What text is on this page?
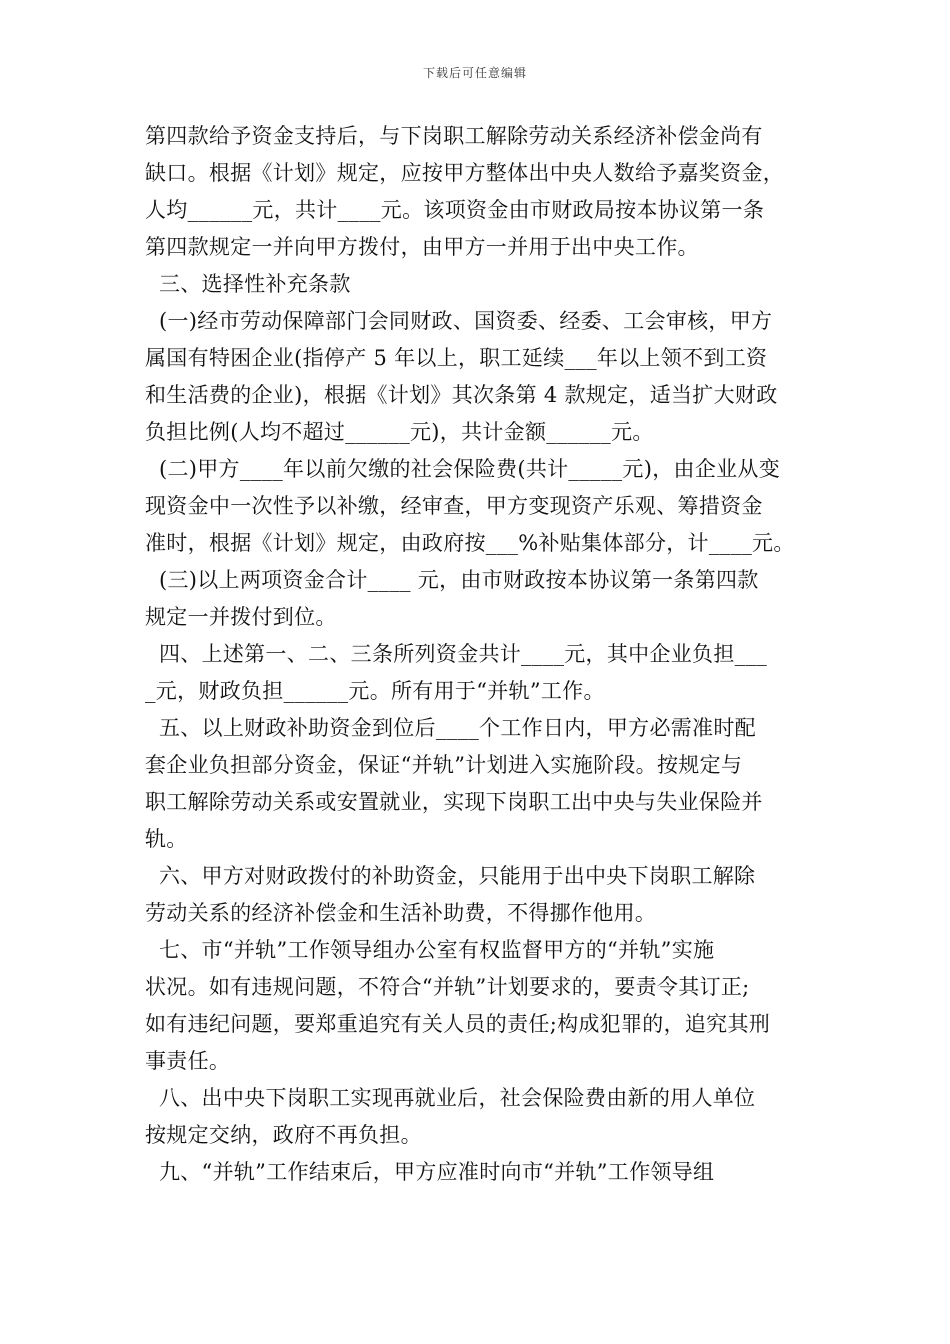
下载后可任意编辑
第四款给予资金支持后，与下岗职工解除劳动关系经济补偿金尚有
缺口。根据《计划》规定，应按甲方整体出中央人数给予嘉奖资金，
人均______元，共计____元。该项资金由市财政局按本协议第一条
第四款规定一并向甲方拨付，由甲方一并用于出中央工作。
三、选择性补充条款
(一)经市劳动保障部门会同财政、国资委、经委、工会审核，甲方
属国有特困企业(指停产 5 年以上，职工延续___年以上领不到工资
和生活费的企业)，根据《计划》其次条第 4 款规定，适当扩大财政
负担比例(人均不超过______元)，共计金额______元。
(二)甲方____年以前欠缴的社会保险费(共计_____元)，由企业从变
现资金中一次性予以补缴，经审查，甲方变现资产乐观、筹措资金
准时，根据《计划》规定，由政府按___%补贴集体部分，计____元。
(三)以上两项资金合计____ 元，由市财政按本协议第一条第四款
规定一并拨付到位。
四、上述第一、二、三条所列资金共计____元，其中企业负担___
_元，财政负担______元。所有用于“并轨”工作。
五、以上财政补助资金到位后____个工作日内，甲方必需准时配
套企业负担部分资金，保证“并轨”计划进入实施阶段。按规定与
职工解除劳动关系或安置就业，实现下岗职工出中央与失业保险并
轨。
六、甲方对财政拨付的补助资金，只能用于出中央下岗职工解除
劳动关系的经济补偿金和生活补助费，不得挪作他用。
七、市“并轨”工作领导组办公室有权监督甲方的“并轨”实施
状况。如有违规问题，不符合“并轨”计划要求的，要责令其订正;
如有违纪问题，要郑重追究有关人员的责任;构成犯罪的，追究其刑
事责任。
八、出中央下岗职工实现再就业后，社会保险费由新的用人单位
按规定交纳，政府不再负担。
九、“并轨”工作结束后，甲方应准时向市“并轨”工作领导组
